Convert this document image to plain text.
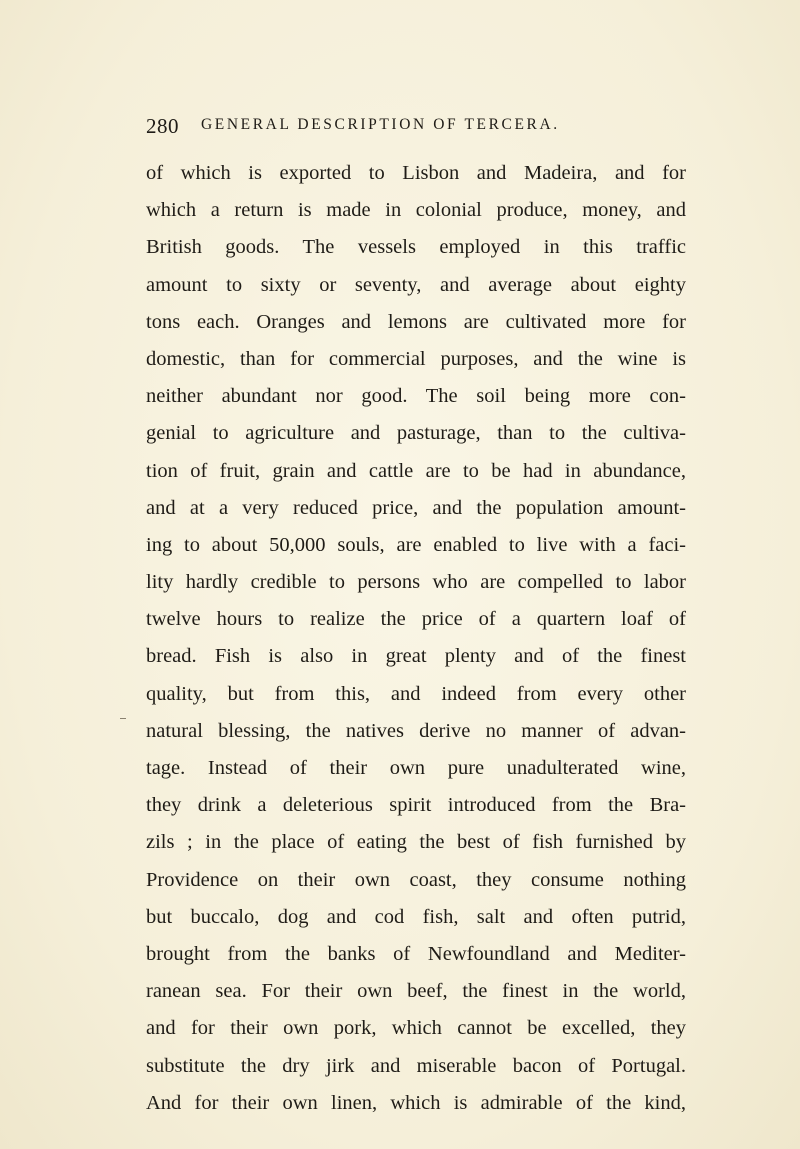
280 GENERAL DESCRIPTION OF TERCERA.
of which is exported to Lisbon and Madeira, and for
which a return is made in colonial produce, money, and
British goods. The vessels employed in this traffic
amount to sixty or seventy, and average about eighty
tons each. Oranges and lemons are cultivated more for
domestic, than for commercial purposes, and the wine is
neither abundant nor good. The soil being more con-
genial to agriculture and pasturage, than to the cultiva-
tion of fruit, grain and cattle are to be had in abundance,
and at a very reduced price, and the population amount-
ing to about 50,000 souls, are enabled to live with a faci-
lity hardly credible to persons who are compelled to labor
twelve hours to realize the price of a quartern loaf of
bread. Fish is also in great plenty and of the finest
quality, but from this, and indeed from every other
natural blessing, the natives derive no manner of advan-
tage. Instead of their own pure unadulterated wine,
they drink a deleterious spirit introduced from the Bra-
zils ; in the place of eating the best of fish furnished by
Providence on their own coast, they consume nothing
but buccalo, dog and cod fish, salt and often putrid,
brought from the banks of Newfoundland and Mediter-
ranean sea. For their own beef, the finest in the world,
and for their own pork, which cannot be excelled, they
substitute the dry jirk and miserable bacon of Portugal.
And for their own linen, which is admirable of the kind,
